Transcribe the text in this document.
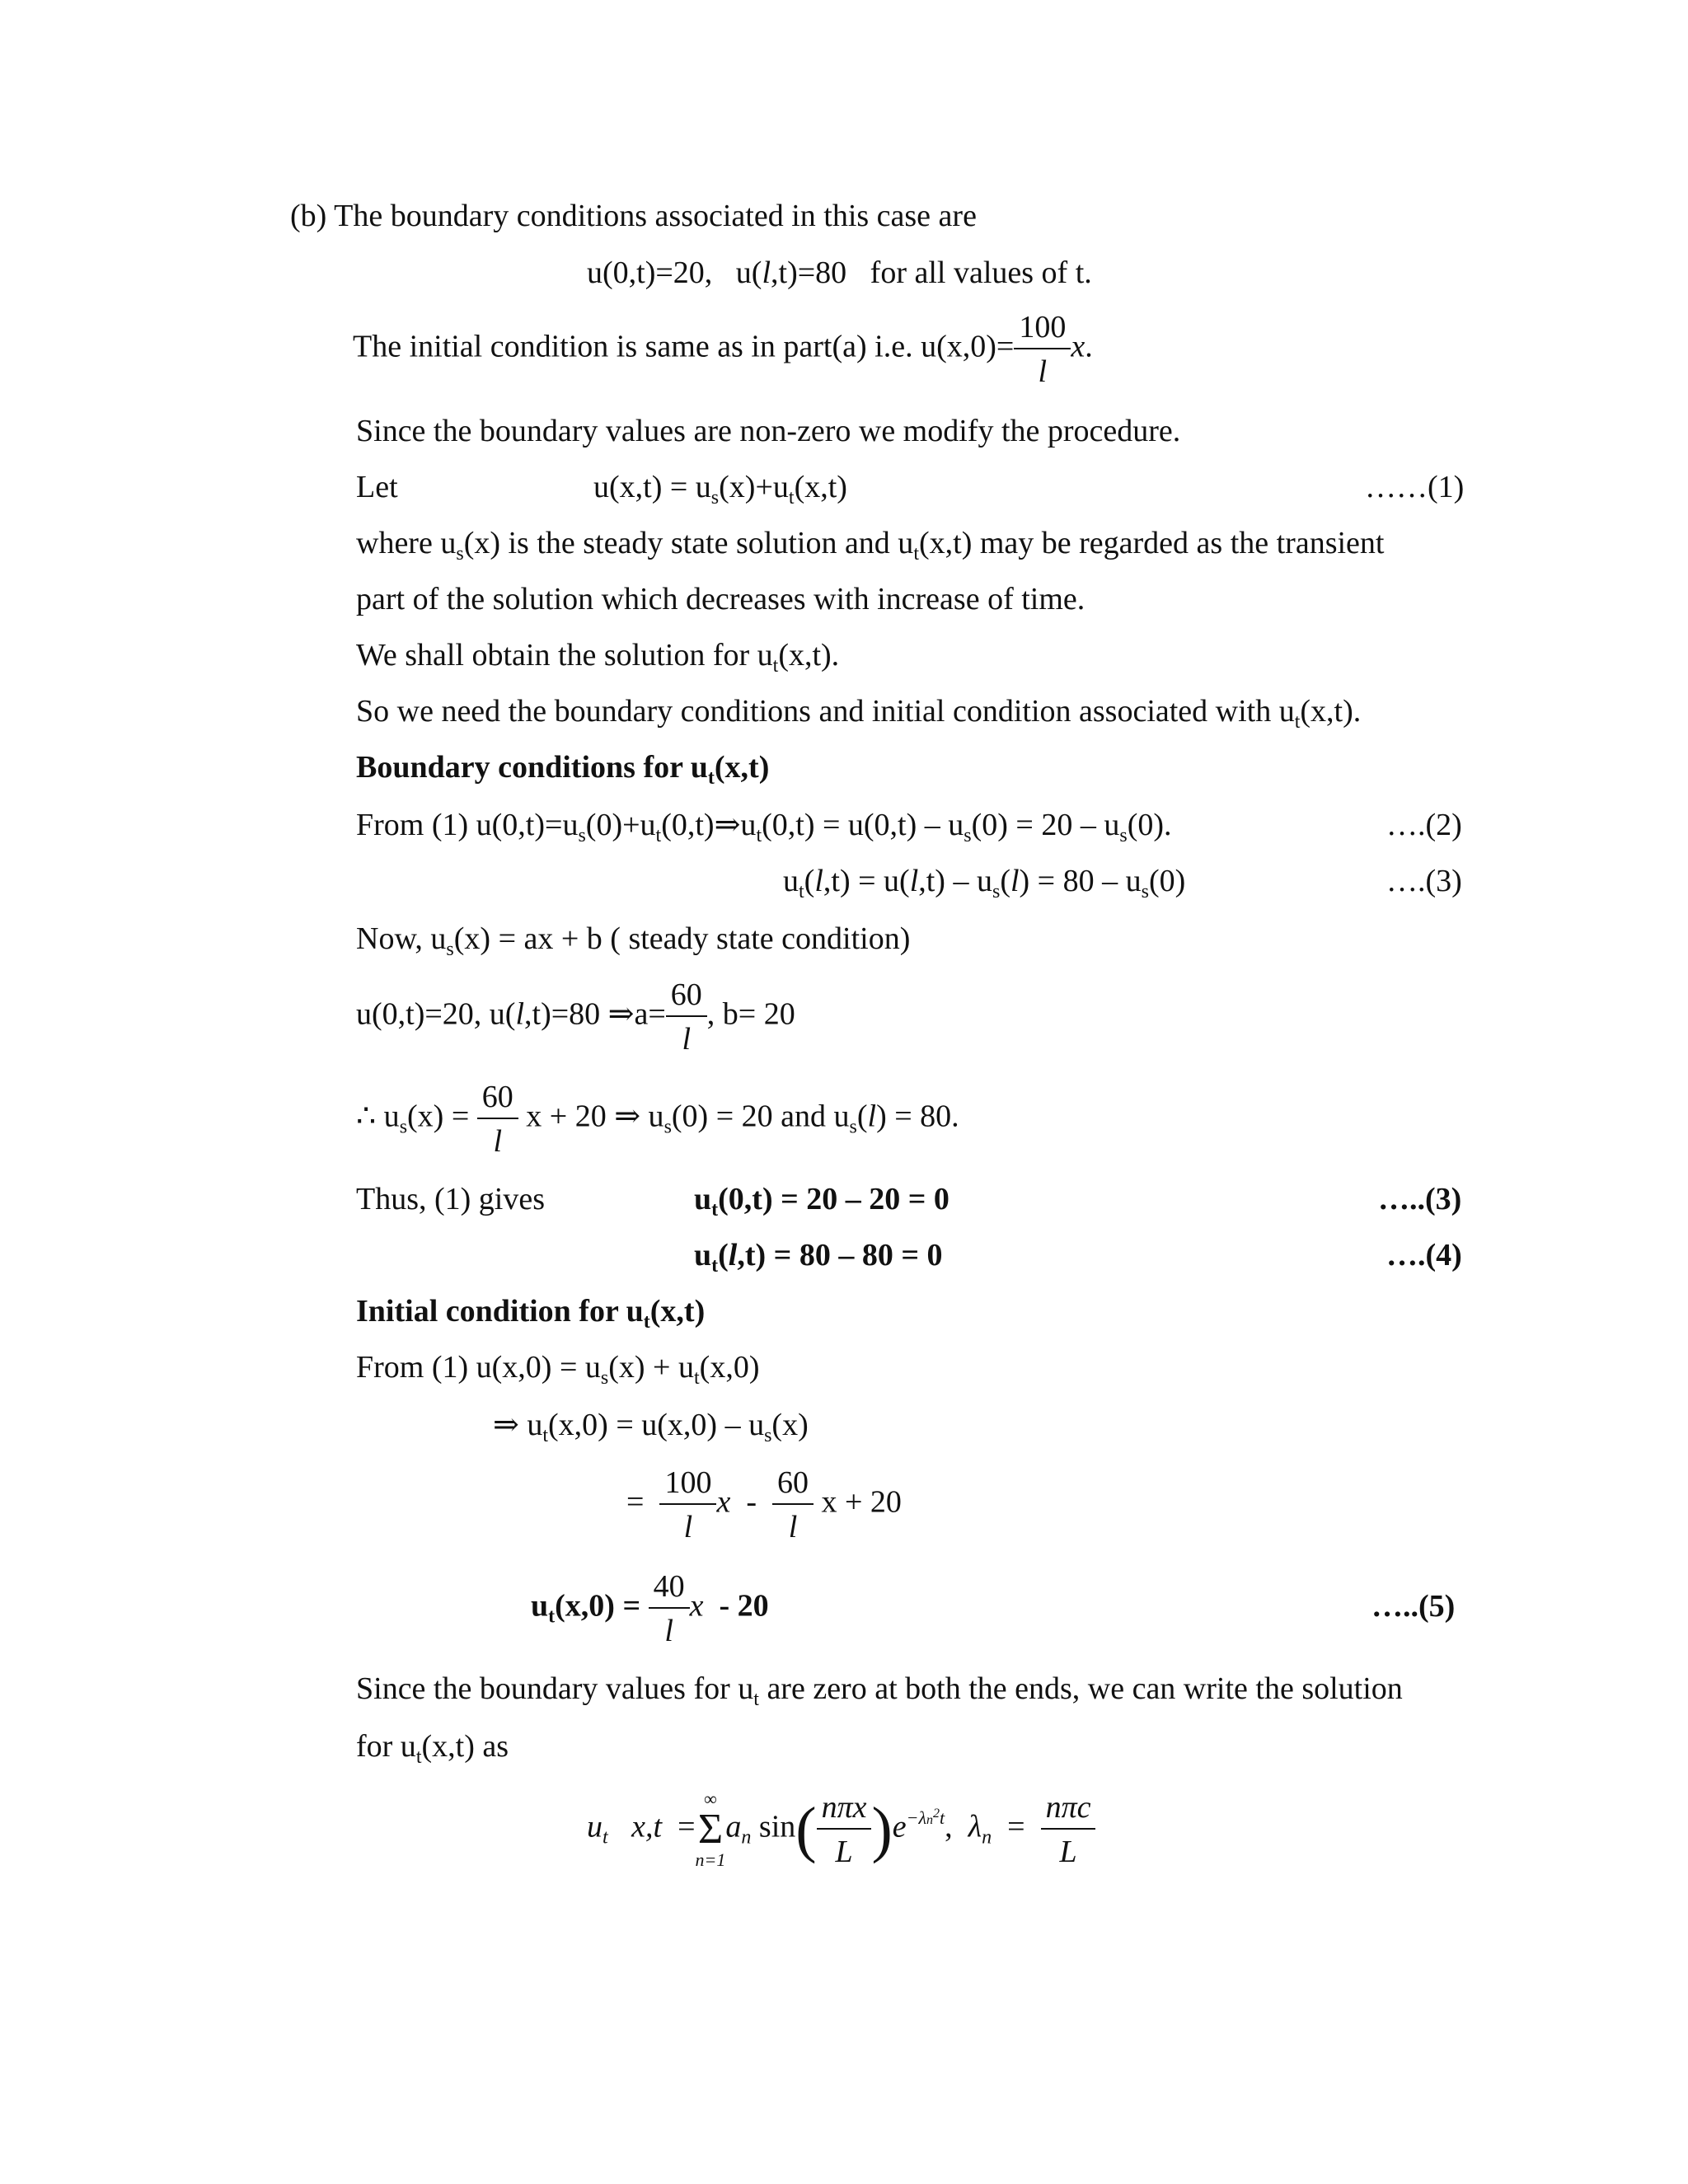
(b) The boundary conditions associated in this case are
u(0,t)=20, u(l,t)=80 for all values of t.
The initial condition is same as in part(a) i.e. $u(x,0)= \frac{100}{l} x$.
Since the boundary values are non-zero we modify the procedure.
Let	$u(x,t) = u_s(x)+u_t(x,t)$	……(1)
where $u_s(x)$ is the steady state solution and $u_t(x,t)$ may be regarded as the transient
part of the solution which decreases with increase of time.
We shall obtain the solution for $u_t(x,t)$.
So we need the boundary conditions and initial condition associated with $u_t(x,t)$.
Boundary conditions for $u_t(x,t)$
From (1) $u(0,t)=u_s(0)+u_t(0,t)\Rightarrow u_t(0,t) = u(0,t) - u_s(0) = 20 - u_s(0)$.	….(2)
$u_t(l,t) = u(l,t) - u_s(l) = 80 - u_s(0)$	….(3)
Now, $u_s(x)$ = ax + b ( steady state condition)
u(0,t)=20, u(l,t)=80 ⇒a= $\frac{60}{l}$ , b= 20
∴ $u_s(x) = \frac{60}{l}$ x + 20 ⇒ $u_s(0) = 20$ and $u_s(l) = 80$.
Thus, (1) gives	$u_t(0,t) = 20 - 20 = 0$	…..(3)
$u_t(l,t) = 80 - 80 = 0$	….(4)
Initial condition for $u_t(x,t)$
From (1) $u(x,0) = u_s(x) + u_t(x,0)$
⇒ $u_t(x,0) = u(x,0) - u_s(x)$
= $\frac{100}{l}$ x - $\frac{60}{l}$ x + 20
$u_t(x,0) = \frac{40}{l}$ x - 20	…..(5)
Since the boundary values for $u_t$ are zero at both the ends, we can write the solution
for $u_t(x,t)$ as
$u_t$ x,t =
∞
Σ
n=1
$a_n$ $\sin( \frac{\text{nπx}}{L} )e^{-\lambda n^2t}$, $\lambda_n = \frac{\text{nπc}}{L}$
